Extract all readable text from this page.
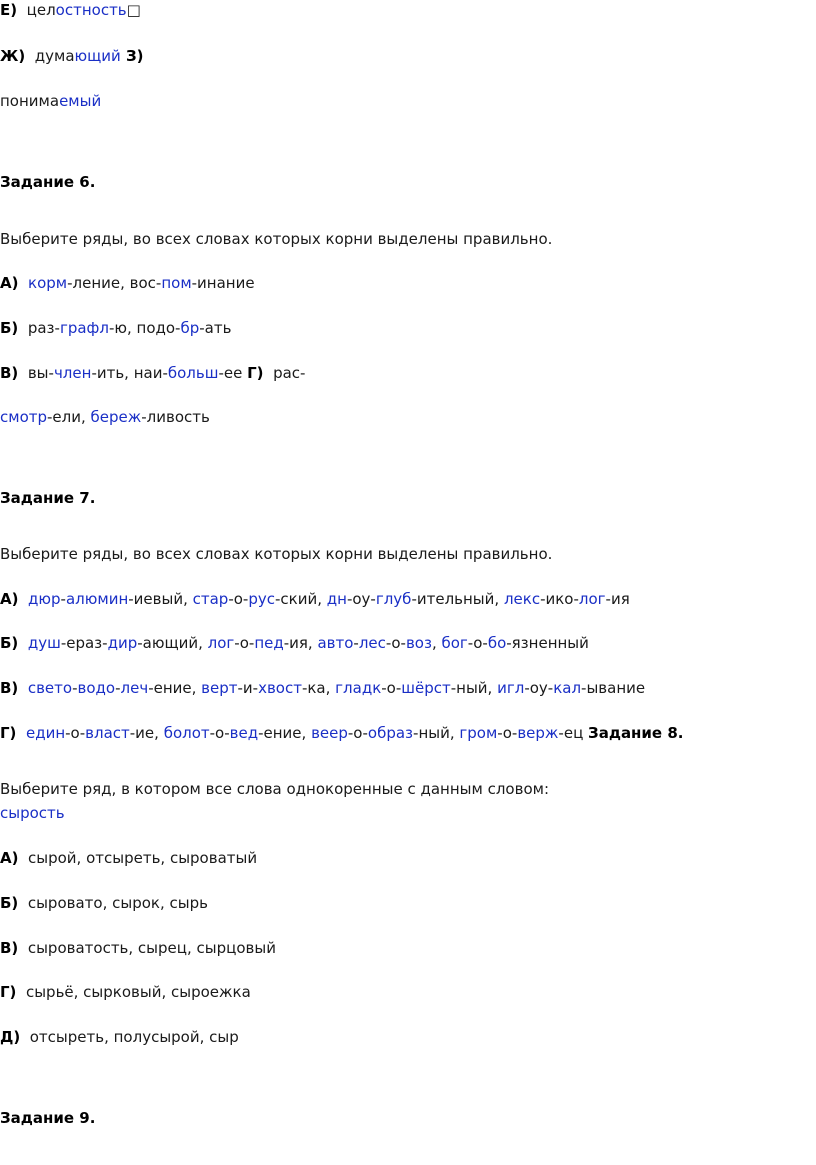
Е)  целостность□
Ж)  думающий З)
понимаемый
Задание 6.
Выберите ряды, во всех словах которых корни выделены правильно.
А) корм-ление, вос-пом-инание
Б)  раз-графл-ю, подо-бр-ать
В)  вы-член-ить, наи-больш-ее Г)  рас-
смотр-ели, береж-ливость
Задание 7.
Выберите ряды, во всех словах которых корни выделены правильно.
А) дюр-алюмин-иевый, стар-о-рус-ский, дн-оу-глуб-ительный, лекс-ико-лог-ия
Б) душ-ераз-дир-ающий, лог-о-пед-ия, авто-лес-о-воз, бог-о-бо-язненный
В) свето-водо-леч-ение, верт-и-хвост-ка, гладк-о-шёрст-ный, игл-оу-кал-ывание
Г) един-о-власт-ие, болот-о-вед-ение, веер-о-образ-ный, гром-о-верж-ец Задание 8.
Выберите ряд, в котором все слова однокоренные с данным словом:
сырость
А)  сырой, отсыреть, сыроватый
Б)  сыровато, сырок, сырь
В)  сыроватость, сырец, сырцовый
Г)  сырьё, сырковый, сыроежка
Д)  отсыреть, полусырой, сыр
Задание 9.
